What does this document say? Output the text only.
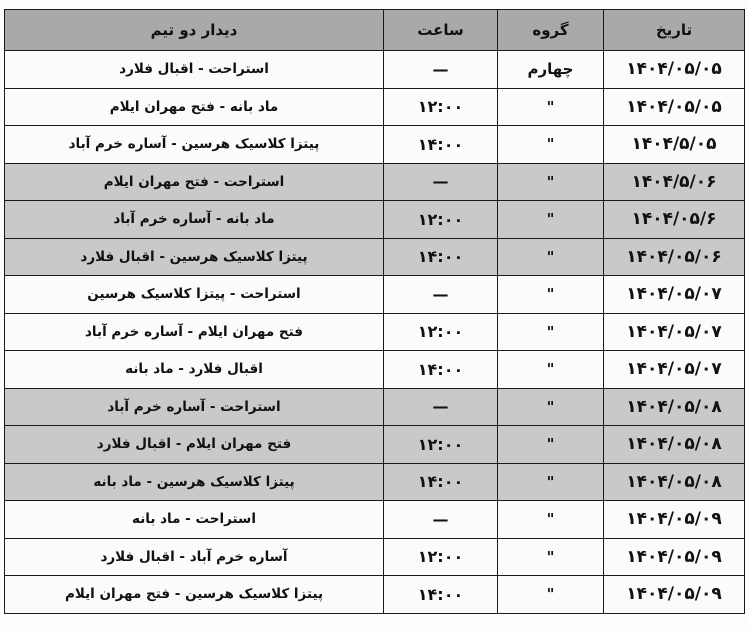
تاریخ	گروه	ساعت	دیدار دو تیم
۱۴۰۴/۰۵/۰۵	چهارم	—	استراحت - اقبال فلارد
۱۴۰۴/۰۵/۰۵	"	۱۲:۰۰	ماد بانه - فتح مهران ایلام
۱۴۰۴/۵/۰۵	"	۱۴:۰۰	پیتزا کلاسیک هرسین - آساره خرم آباد
۱۴۰۴/۵/۰۶	"	—	استراحت - فتح مهران ایلام
۱۴۰۴/۰۵/۶	"	۱۲:۰۰	ماد بانه - آساره خرم آباد
۱۴۰۴/۰۵/۰۶	"	۱۴:۰۰	پیتزا کلاسیک هرسین - اقبال فلارد
۱۴۰۴/۰۵/۰۷	"	—	استراحت - پیتزا کلاسیک هرسین
۱۴۰۴/۰۵/۰۷	"	۱۲:۰۰	فتح مهران ایلام - آساره خرم آباد
۱۴۰۴/۰۵/۰۷	"	۱۴:۰۰	اقبال فلارد - ماد بانه
۱۴۰۴/۰۵/۰۸	"	—	استراحت - آساره خرم آباد
۱۴۰۴/۰۵/۰۸	"	۱۲:۰۰	فتح مهران ایلام - اقبال فلارد
۱۴۰۴/۰۵/۰۸	"	۱۴:۰۰	پیتزا کلاسیک هرسین - ماد بانه
۱۴۰۴/۰۵/۰۹	"	—	استراحت - ماد بانه
۱۴۰۴/۰۵/۰۹	"	۱۲:۰۰	آساره خرم آباد - اقبال فلارد
۱۴۰۴/۰۵/۰۹	"	۱۴:۰۰	پیتزا کلاسیک هرسین - فتح مهران ایلام
